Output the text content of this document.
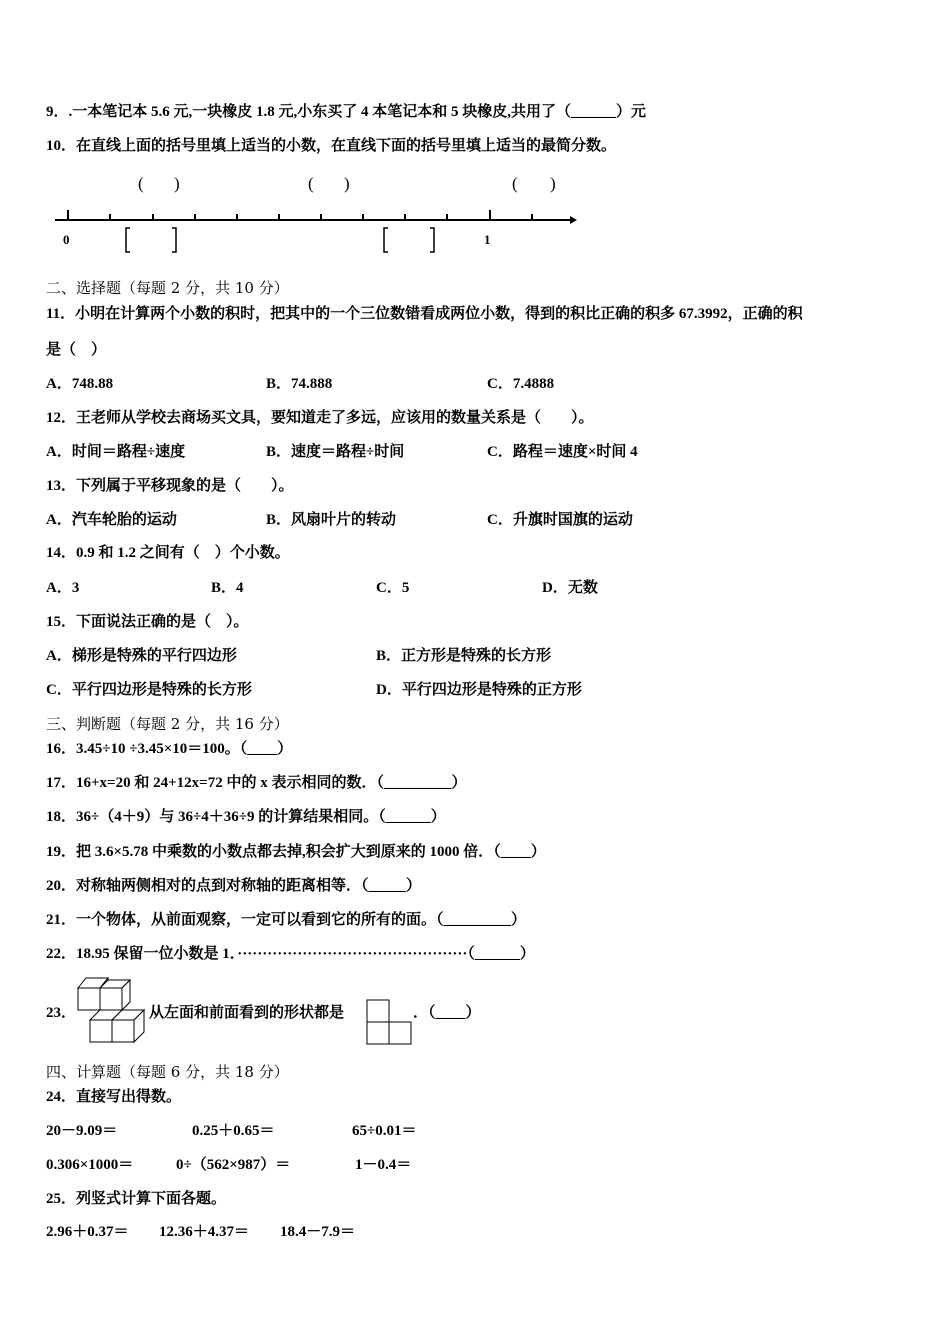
9．.一本笔记本 5.6 元,一块橡皮 1.8 元,小东买了 4 本笔记本和 5 块橡皮,共用了（______）元
10．在直线上面的括号里填上适当的小数，在直线下面的括号里填上适当的最简分数。
( )	( )	( )
0	1
二、选择题（每题 2 分，共 10 分）
11．小明在计算两个小数的积时，把其中的一个三位数错看成两位小数，得到的积比正确的积多 67.3992，正确的积
是（    ）
A．748.88	B．74.888	C．7.4888
12．王老师从学校去商场买文具，要知道走了多远，应该用的数量关系是（        ）。
A．时间＝路程÷速度	B．速度＝路程÷时间	C．路程＝速度×时间 4
13．下列属于平移现象的是（        ）。
A．汽车轮胎的运动	B．风扇叶片的转动	C．升旗时国旗的运动
14．0.9 和 1.2 之间有（    ）个小数。
A．3	B．4	C．5	D．无数
15．下面说法正确的是（    ）。
A．梯形是特殊的平行四边形	B．正方形是特殊的长方形
C．平行四边形是特殊的长方形	D．平行四边形是特殊的正方形
三、判断题（每题 2 分，共 16 分）
16．3.45÷10 ÷3.45×10＝100。（____）
17．16+x=20 和 24+12x=72 中的 x 表示相同的数．（_________）
18．36÷（4＋9）与 36÷4＋36÷9 的计算结果相同。（______）
19．把 3.6×5.78 中乘数的小数点都去掉,积会扩大到原来的 1000 倍．（____）
20．对称轴两侧相对的点到对称轴的距离相等．（_____）
21．一个物体，从前面观察，一定可以看到它的所有的面。（_________）
22．18.95 保留一位小数是 1．··············································（______）
23．	从左面和前面看到的形状都是	．（____）
四、计算题（每题 6 分，共 18 分）
24．直接写出得数。
20－9.09＝	0.25＋0.65＝	65÷0.01＝
0.306×1000＝	0÷（562×987）＝	1－0.4＝
25．列竖式计算下面各题。
2.96＋0.37＝ 12.36＋4.37＝ 18.4－7.9＝
